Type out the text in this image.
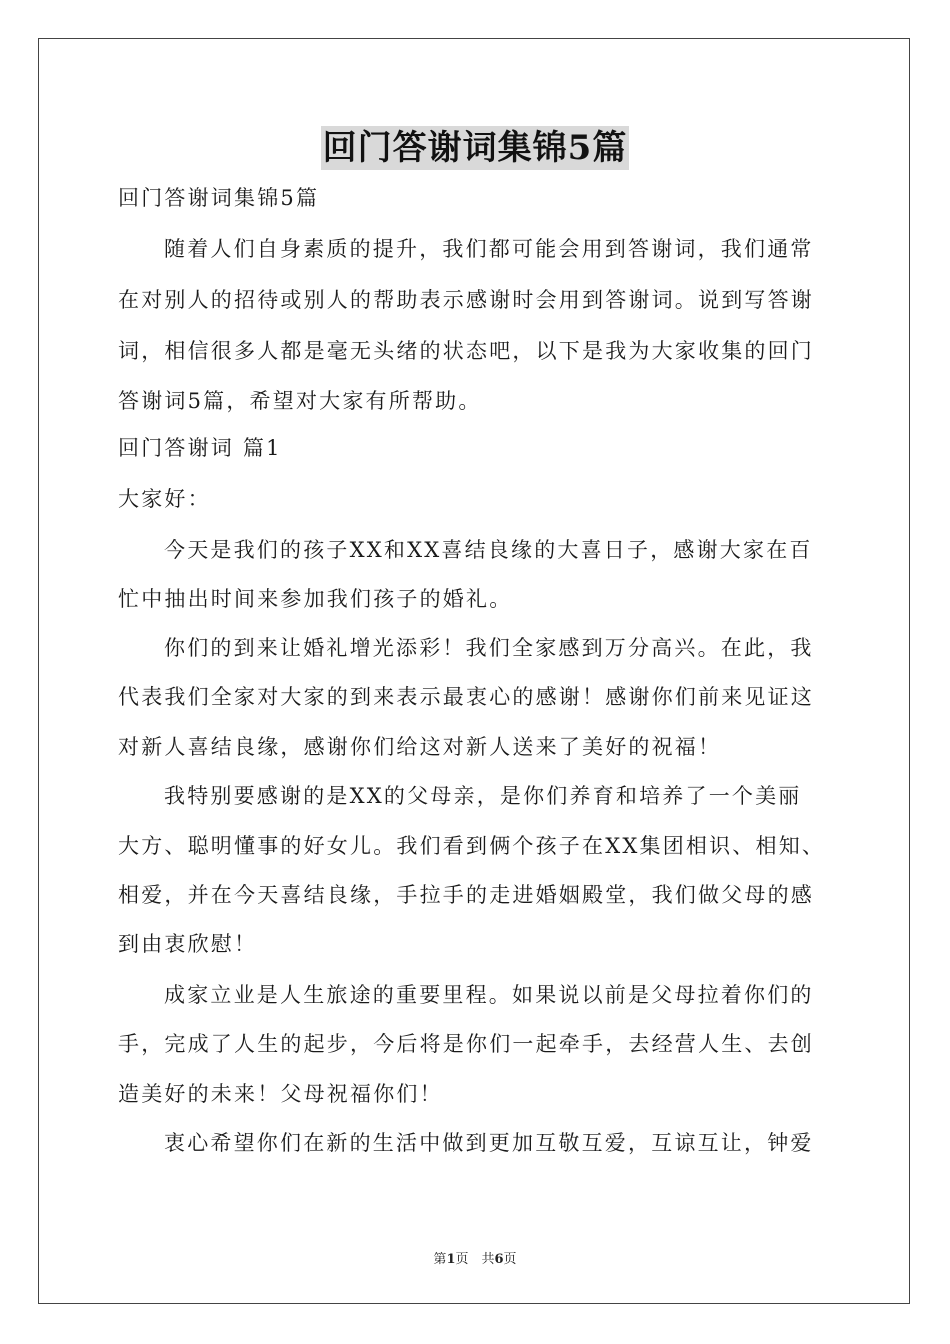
回门答谢词集锦5篇
回门答谢词集锦5篇
随着人们自身素质的提升，我们都可能会用到答谢词，我们通常
在对别人的招待或别人的帮助表示感谢时会用到答谢词。说到写答谢
词，相信很多人都是毫无头绪的状态吧，以下是我为大家收集的回门
答谢词5篇，希望对大家有所帮助。
回门答谢词 篇1
大家好：
今天是我们的孩子XX和XX喜结良缘的大喜日子，感谢大家在百
忙中抽出时间来参加我们孩子的婚礼。
你们的到来让婚礼增光添彩！我们全家感到万分高兴。在此，我
代表我们全家对大家的到来表示最衷心的感谢！感谢你们前来见证这
对新人喜结良缘，感谢你们给这对新人送来了美好的祝福！
我特别要感谢的是XX的父母亲，是你们养育和培养了一个美丽
大方、聪明懂事的好女儿。我们看到俩个孩子在XX集团相识、相知、
相爱，并在今天喜结良缘，手拉手的走进婚姻殿堂，我们做父母的感
到由衷欣慰！
成家立业是人生旅途的重要里程。如果说以前是父母拉着你们的
手，完成了人生的起步，今后将是你们一起牵手，去经营人生、去创
造美好的未来！父母祝福你们！
衷心希望你们在新的生活中做到更加互敬互爱，互谅互让，钟爱
第1页　共6页
